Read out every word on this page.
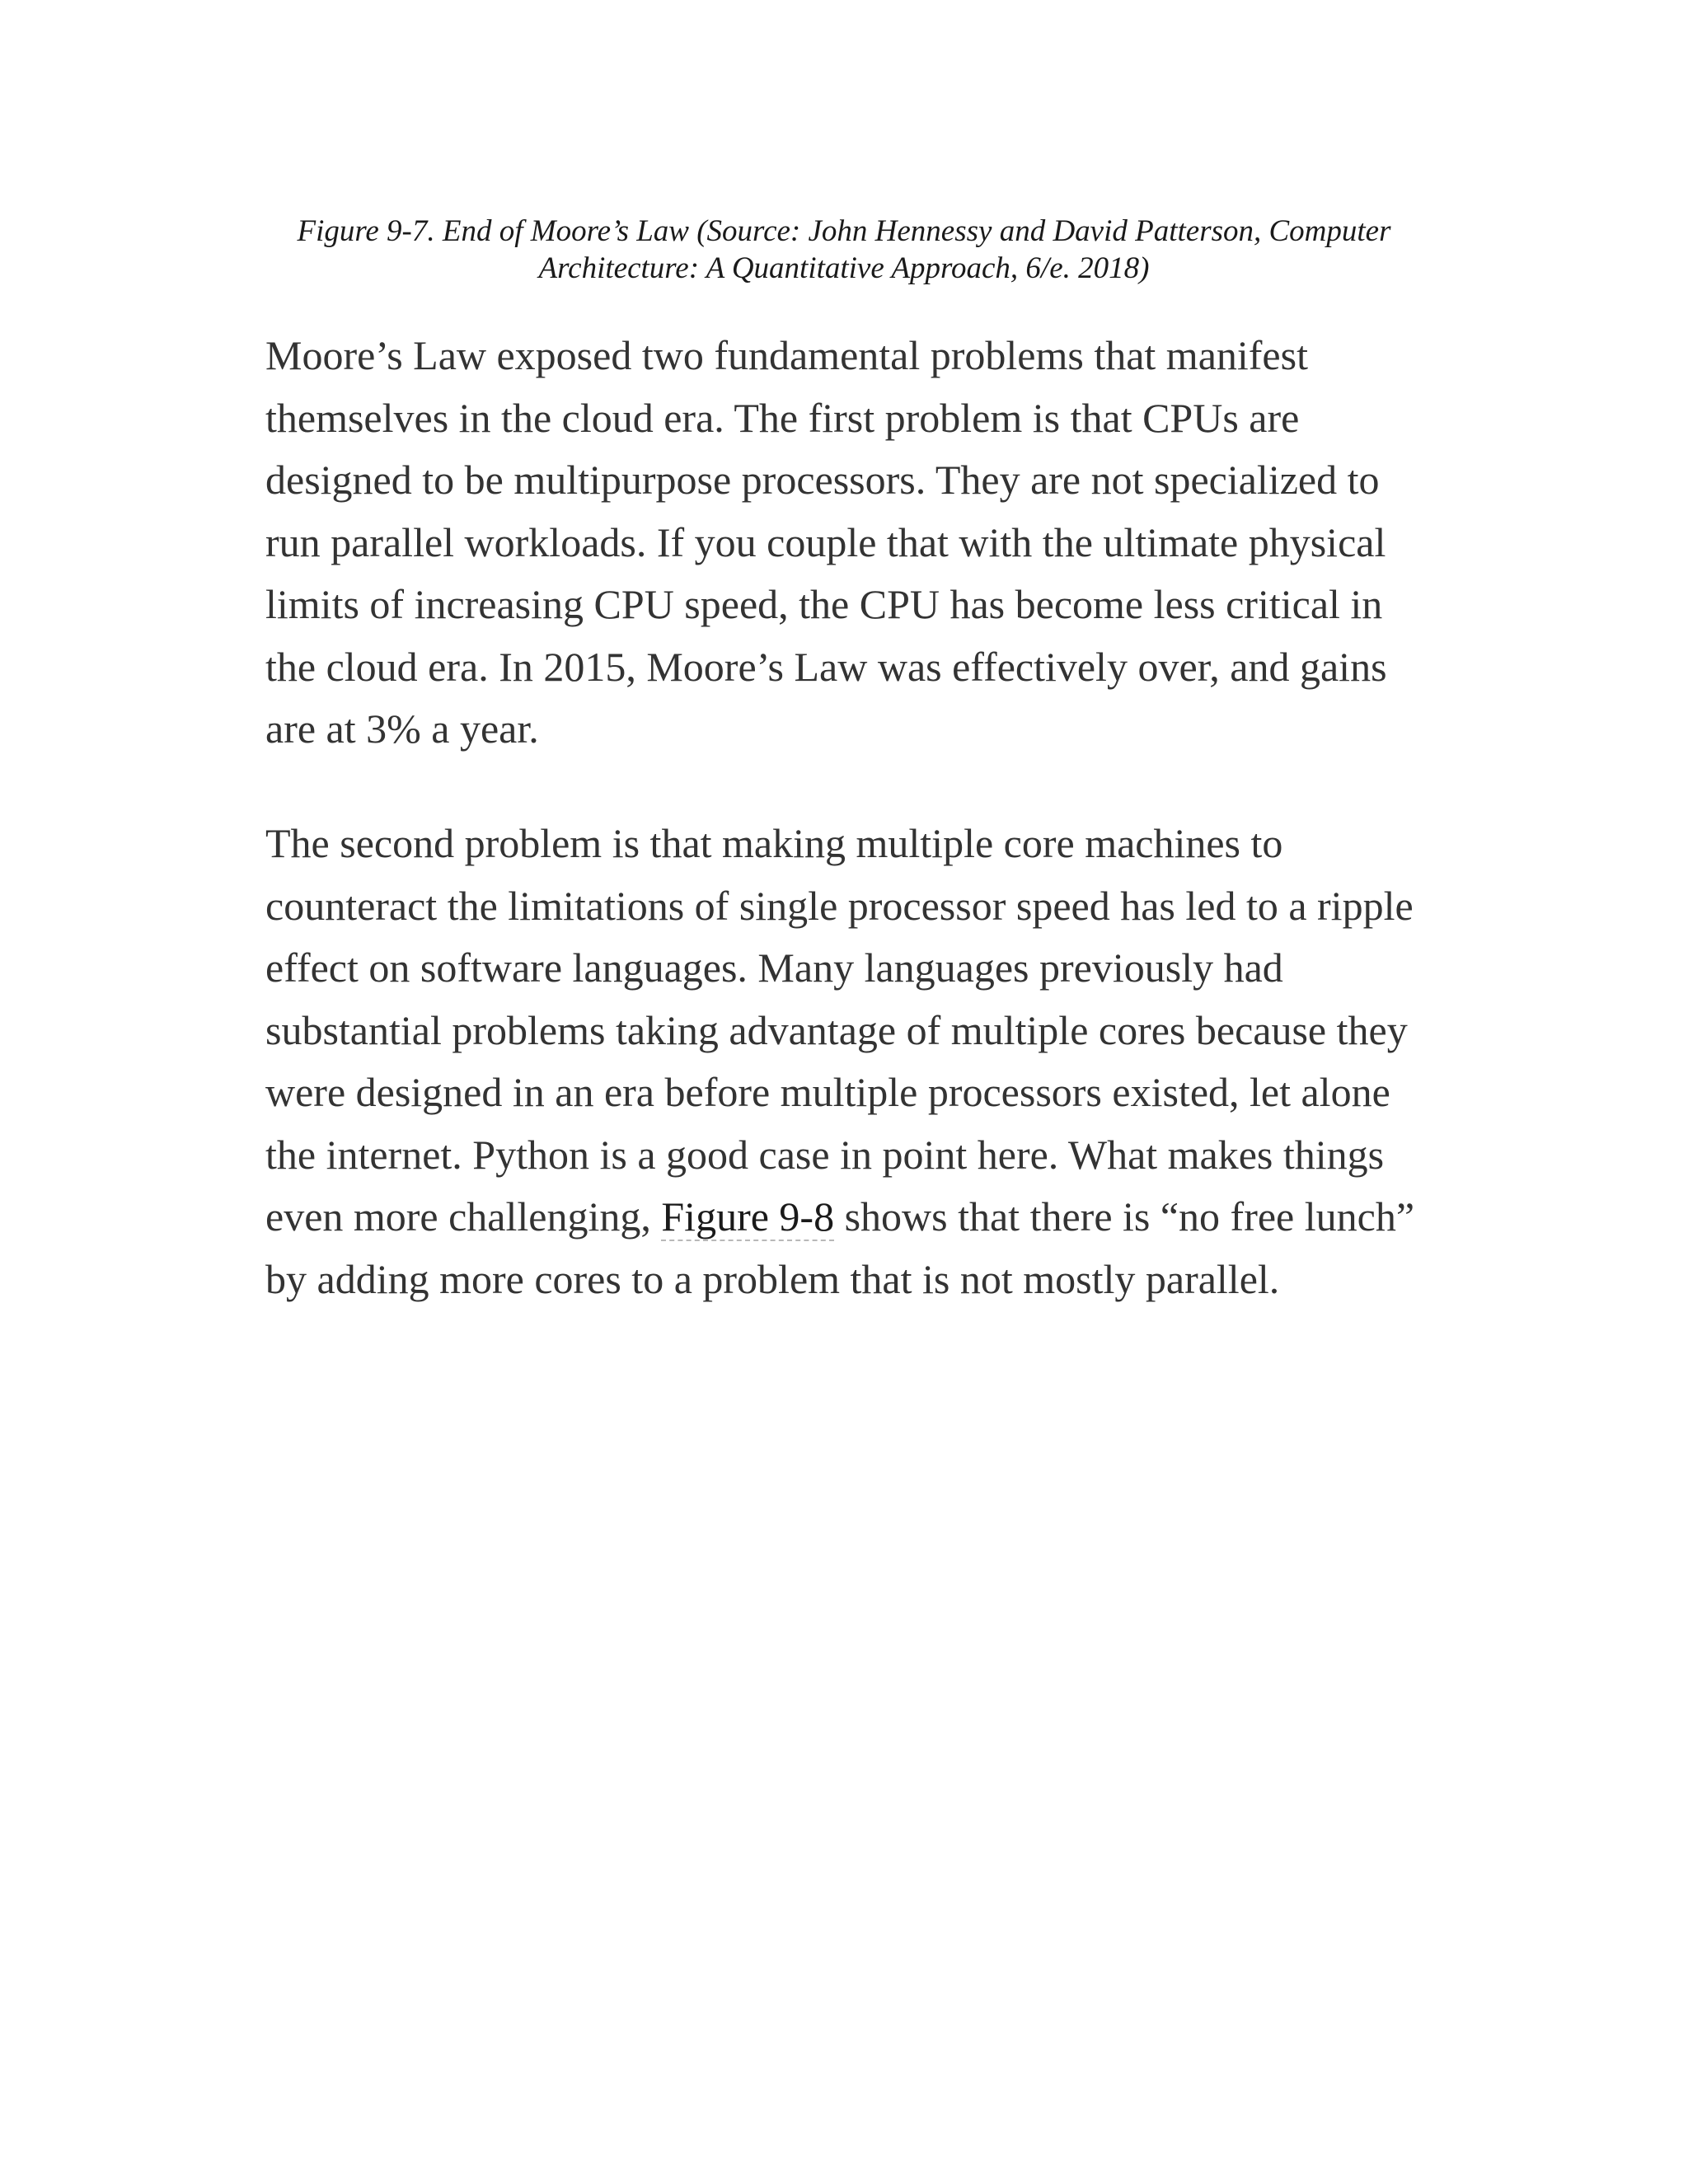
Figure 9-7. End of Moore’s Law (Source: John Hennessy and David Patterson, Computer
Architecture: A Quantitative Approach, 6/e. 2018)

Moore’s Law exposed two fundamental problems that manifest themselves in the cloud era. The first problem is that CPUs are designed to be multipurpose processors. They are not specialized to run parallel workloads. If you couple that with the ultimate physical limits of increasing CPU speed, the CPU has become less critical in the cloud era. In 2015, Moore’s Law was effectively over, and gains are at 3% a year.

The second problem is that making multiple core machines to counteract the limitations of single processor speed has led to a ripple effect on software languages. Many languages previously had substantial problems taking advantage of multiple cores because they were designed in an era before multiple processors existed, let alone the internet. Python is a good case in point here. What makes things even more challenging, Figure 9-8 shows that there is “no free lunch” by adding more cores to a problem that is not mostly parallel.
